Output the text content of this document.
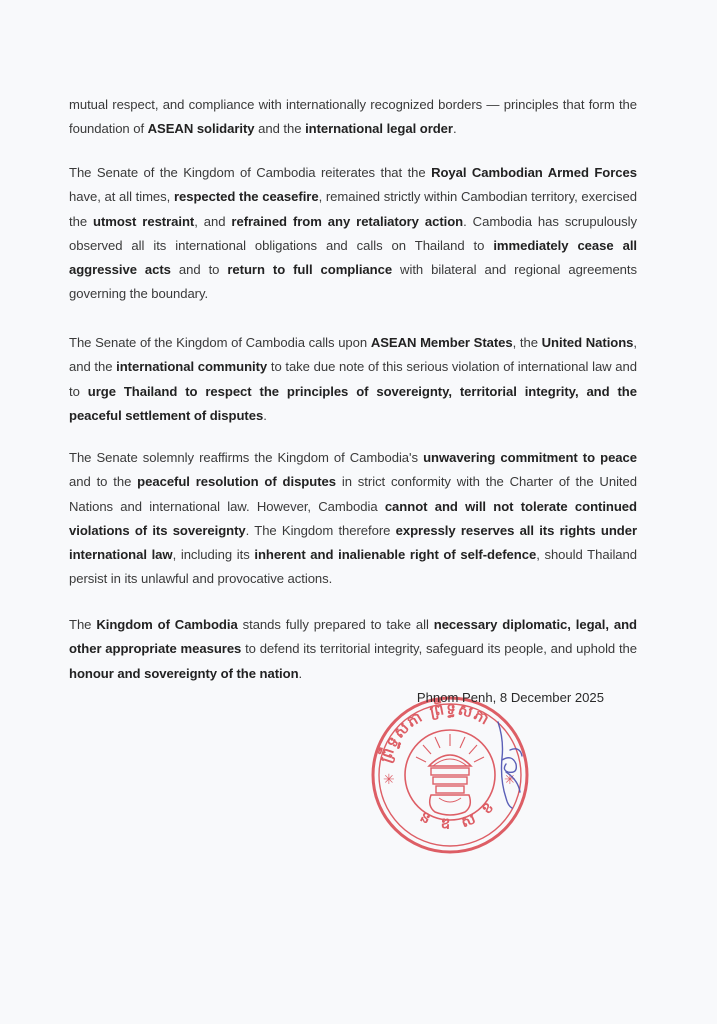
mutual respect, and compliance with internationally recognized borders — principles that form the foundation of ASEAN solidarity and the international legal order.

The Senate of the Kingdom of Cambodia reiterates that the Royal Cambodian Armed Forces have, at all times, respected the ceasefire, remained strictly within Cambodian territory, exercised the utmost restraint, and refrained from any retaliatory action. Cambodia has scrupulously observed all its international obligations and calls on Thailand to immediately cease all aggressive acts and to return to full compliance with bilateral and regional agreements governing the boundary.

The Senate of the Kingdom of Cambodia calls upon ASEAN Member States, the United Nations, and the international community to take due note of this serious violation of international law and to urge Thailand to respect the principles of sovereignty, territorial integrity, and the peaceful settlement of disputes.

The Senate solemnly reaffirms the Kingdom of Cambodia's unwavering commitment to peace and to the peaceful resolution of disputes in strict conformity with the Charter of the United Nations and international law. However, Cambodia cannot and will not tolerate continued violations of its sovereignty. The Kingdom therefore expressly reserves all its rights under international law, including its inherent and inalienable right of self-defence, should Thailand persist in its unlawful and provocative actions.

The Kingdom of Cambodia stands fully prepared to take all necessary diplomatic, legal, and other appropriate measures to defend its territorial integrity, safeguard its people, and uphold the honour and sovereignty of the nation.

Phnom Penh, 8 December 2025
✳	✳
ព្រឹទ្ធសភា ព្រឹទ្ធសភា
ន ឌ ស ខ
